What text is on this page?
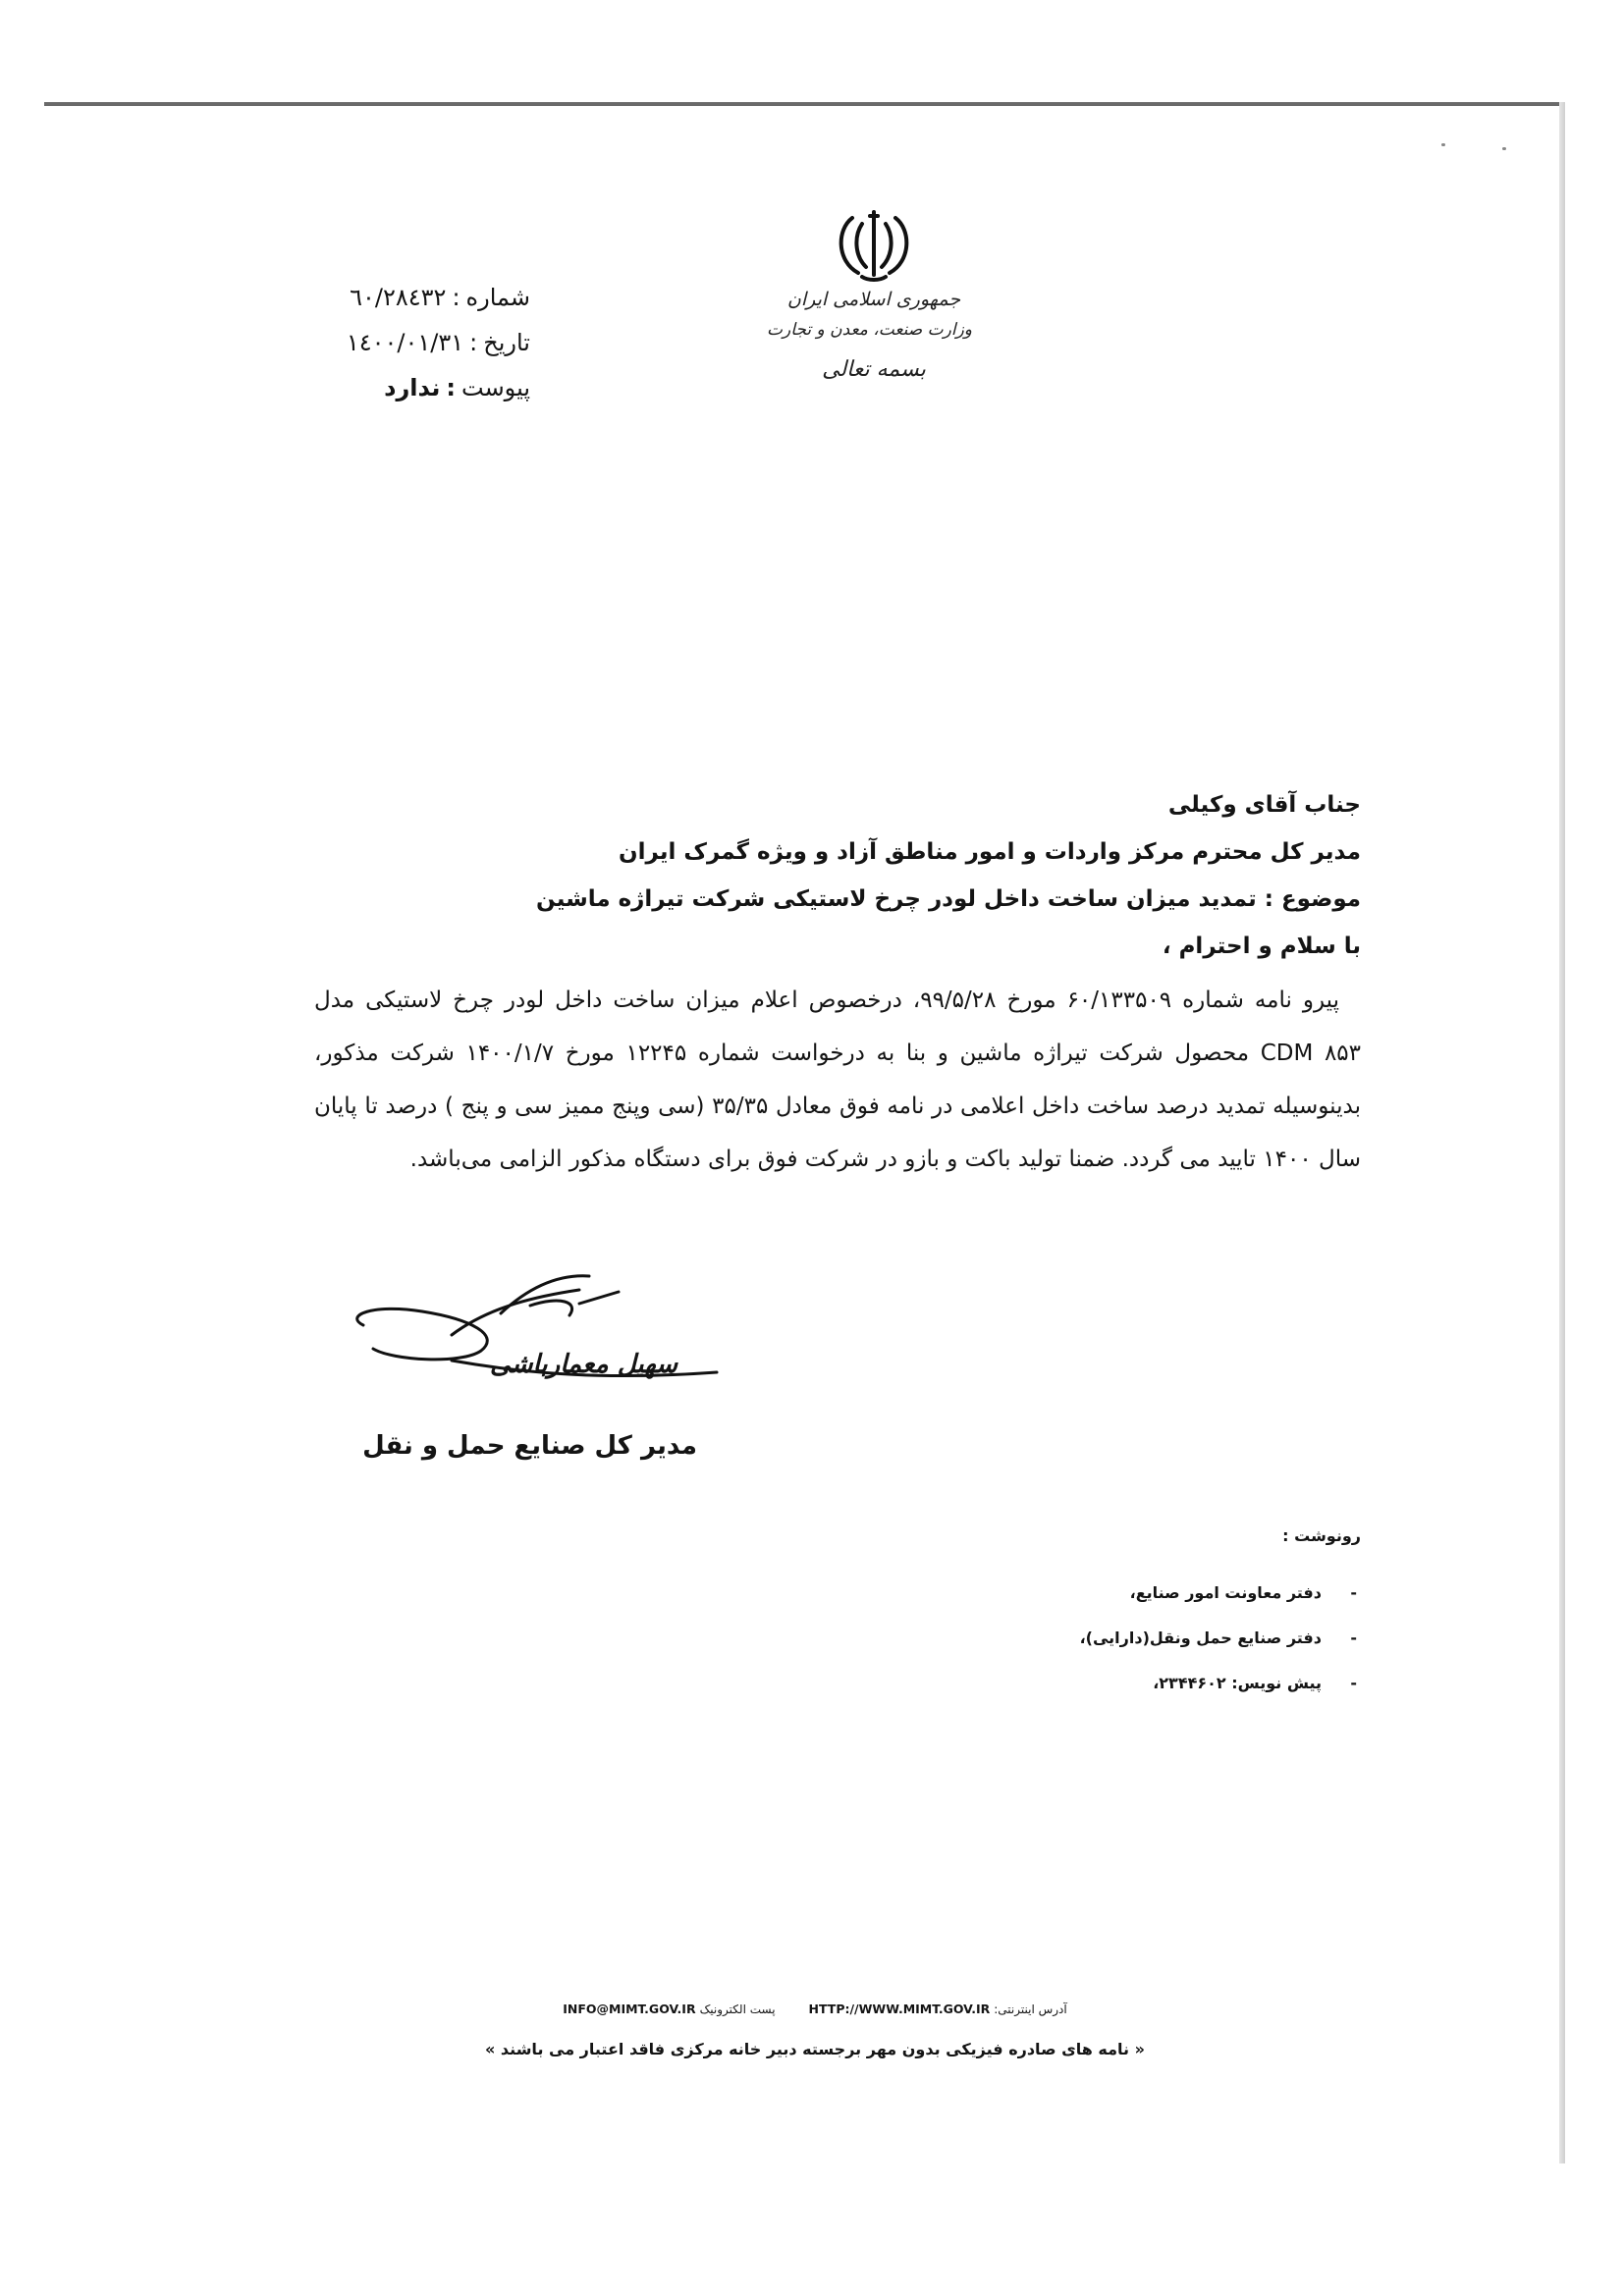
جمهوری اسلامی ایران
وزارت صنعت، معدن و تجارت
بسمه تعالی
شماره:٦٠/٢٨٤٣٢
تاریخ:١٤٠٠/٠١/٣١
پیوست:ندارد
جناب آقای وکیلی
مدیر کل محترم مرکز واردات و امور مناطق آزاد و ویژه گمرک ایران
موضوع : تمدید میزان ساخت داخل لودر چرخ لاستیکی شرکت تیراژه ماشین
با سلام و احترام ،
پیرو نامه شماره ۶۰/۱۳۳۵۰۹ مورخ ۹۹/۵/۲۸، درخصوص اعلام میزان ساخت داخل لودر چرخ لاستیکی مدل CDM ۸۵۳ محصول شرکت تیراژه ماشین و بنا به درخواست شماره ۱۲۲۴۵ مورخ ۱۴۰۰/۱/۷ شرکت مذکور، بدینوسیله تمدید درصد ساخت داخل اعلامی در نامه فوق معادل ۳۵/۳۵ (سی وپنج ممیز سی و پنج ) درصد تا پایان سال ۱۴۰۰ تایید می گردد. ضمنا تولید باکت و بازو در شرکت فوق برای دستگاه مذکور الزامی می‌باشد.
سهیل معمارباشی
مدیر کل صنایع حمل و نقل
رونوشت :
-دفتر معاونت امور صنایع،
-دفتر صنایع حمل ونقل(دارایی)،
-پیش نویس: ۲۳۴۴۶۰۲،
آدرس اینترنتی: HTTP://WWW.MIMT.GOV.IR  پست الکترونیک INFO@MIMT.GOV.IR
« نامه های صادره فیزیکی بدون مهر برجسته دبیر خانه مرکزی فاقد اعتبار می باشند »
